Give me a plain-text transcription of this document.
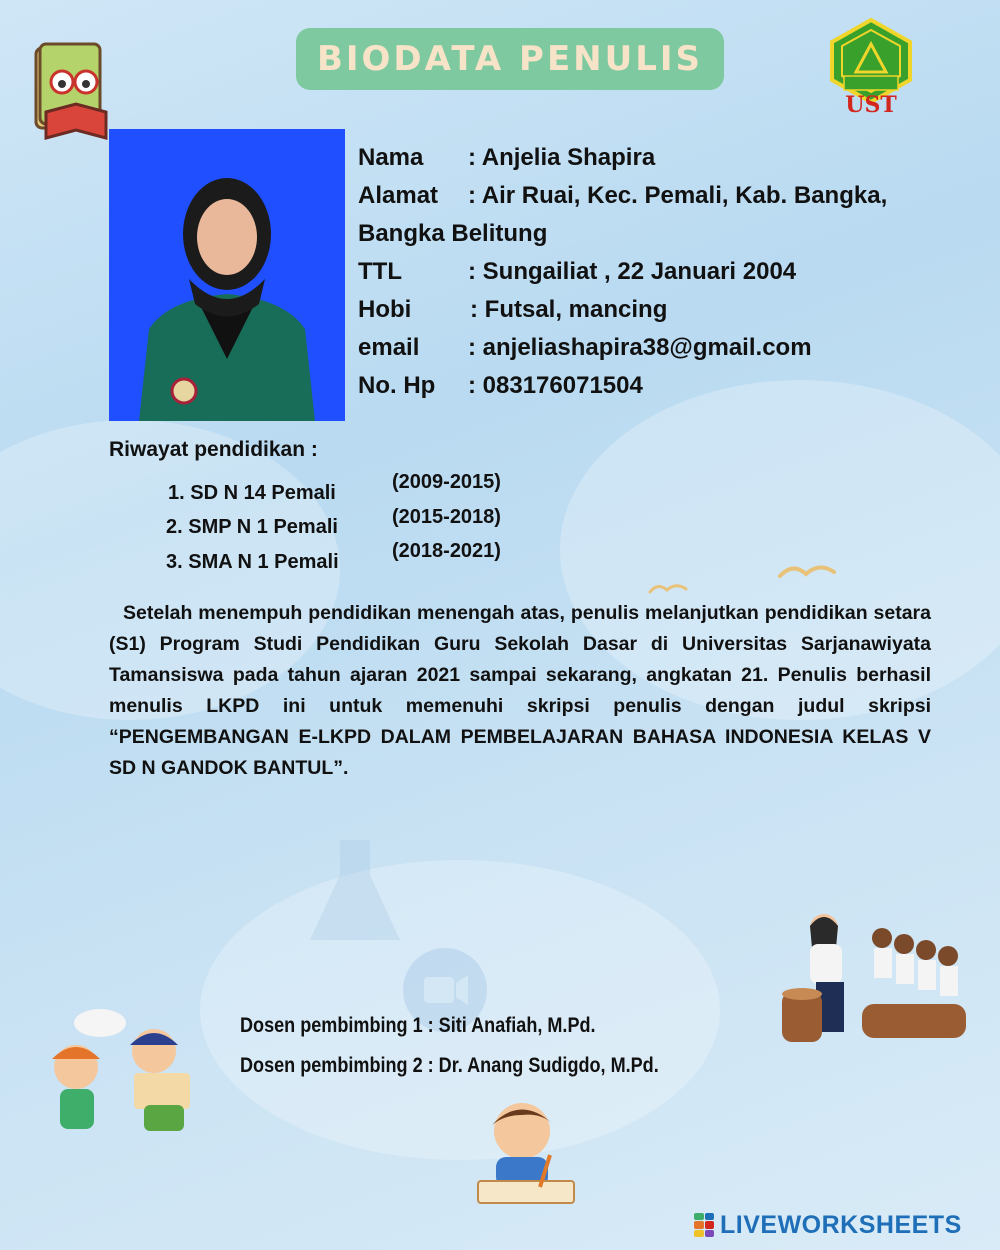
BIODATA PENULIS
UST
Nama : Anjelia Shapira
Alamat : Air Ruai, Kec. Pemali, Kab. Bangka,
Bangka Belitung
TTL	: Sungailiat , 22 Januari 2004
Hobi : Futsal, mancing
email : anjeliashapira38@gmail.com
No. Hp : 083176071504
Riwayat pendidikan :
1. SD N 14 Pemali
2. SMP N 1 Pemali
3. SMA N 1 Pemali
(2009-2015)
(2015-2018)
(2018-2021)
Setelah menempuh pendidikan menengah atas, penulis melanjutkan pendidikan setara (S1) Program Studi Pendidikan Guru Sekolah Dasar di Universitas Sarjanawiyata Tamansiswa pada tahun ajaran 2021 sampai sekarang, angkatan 21. Penulis berhasil menulis LKPD ini untuk memenuhi skripsi penulis dengan judul skripsi “PENGEMBANGAN E-LKPD DALAM PEMBELAJARAN BAHASA INDONESIA KELAS V SD N GANDOK BANTUL”.
Dosen pembimbing 1 : Siti Anafiah, M.Pd.
Dosen pembimbing 2 : Dr. Anang Sudigdo, M.Pd.
LIVEWORKSHEETS
